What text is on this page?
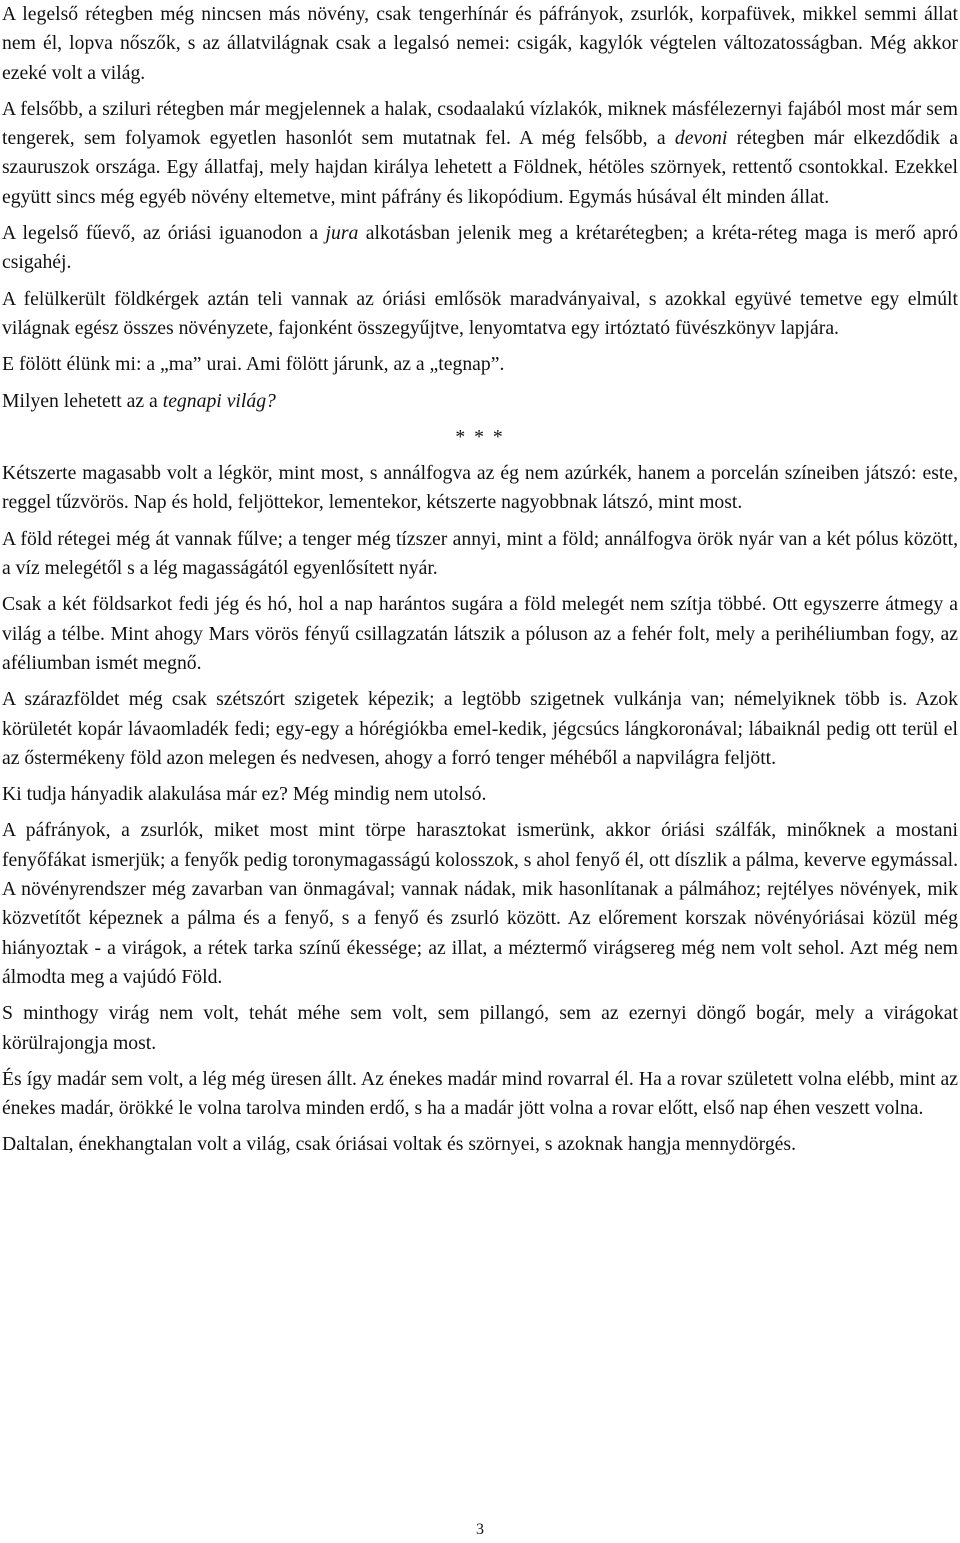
A legelső rétegben még nincsen más növény, csak tengerhínár és páfrányok, zsurlók, korpafüvek, mikkel semmi állat nem él, lopva nőszők, s az állatvilágnak csak a legalsó nemei: csigák, kagylók végtelen változatosságban. Még akkor ezeké volt a világ.

A felsőbb, a sziluri rétegben már megjelennek a halak, csodaalakú vízlakók, miknek másfélezernyi fajából most már sem tengerek, sem folyamok egyetlen hasonlót sem mutatnak fel. A még felsőbb, a devoni rétegben már elkezdődik a szauruszok országa. Egy állatfaj, mely hajdan királya lehetett a Földnek, hétöles szörnyek, rettentő csontokkal. Ezekkel együtt sincs még egyéb növény eltemetve, mint páfrány és likopódium. Egymás húsával élt minden állat.

A legelső fűevő, az óriási iguanodon a jura alkotásban jelenik meg a krétarétegben; a kréta-réteg maga is merő apró csigahéj.

A felülkerült földkérgek aztán teli vannak az óriási emlősök maradványaival, s azokkal együvé temetve egy elmúlt világnak egész összes növényzete, fajonként összegyűjtve, lenyomtatva egy irtóztató füvészkönyv lapjára.

E fölött élünk mi: a „ma” urai. Ami fölött járunk, az a „tegnap”.

Milyen lehetett az a tegnapi világ?

* * *

Kétszerte magasabb volt a légkör, mint most, s annálfogva az ég nem azúrkék, hanem a porcelán színeiben játszó: este, reggel tűzvörös. Nap és hold, feljöttekor, lementekor, kétszerte nagyobbnak látszó, mint most.

A föld rétegei még át vannak fűlve; a tenger még tízszer annyi, mint a föld; annálfogva örök nyár van a két pólus között, a víz melegétől s a lég magasságától egyenlősített nyár.

Csak a két földsarkot fedi jég és hó, hol a nap harántos sugára a föld melegét nem szítja többé. Ott egyszerre átmegy a világ a télbe. Mint ahogy Mars vörös fényű csillagzatán látszik a póluson az a fehér folt, mely a perihéliumban fogy, az aféliumban ismét megnő.

A szárazföldet még csak szétszórt szigetek képezik; a legtöbb szigetnek vulkánja van; némelyiknek több is. Azok körületét kopár lávaomladék fedi; egy-egy a hórégiókba emel-kedik, jégcsúcs lángkoronával; lábaiknál pedig ott terül el az őstermékeny föld azon melegen és nedvesen, ahogy a forró tenger méhéből a napvilágra feljött.

Ki tudja hányadik alakulása már ez? Még mindig nem utolsó.

A páfrányok, a zsurlók, miket most mint törpe harasztokat ismerünk, akkor óriási szálfák, minőknek a mostani fenyőfákat ismerjük; a fenyők pedig toronymagasságú kolosszok, s ahol fenyő él, ott díszlik a pálma, keverve egymással. A növényrendszer még zavarban van önmagával; vannak nádak, mik hasonlítanak a pálmához; rejtélyes növények, mik közvetítőt képeznek a pálma és a fenyő, s a fenyő és zsurló között. Az előrement korszak növényóriásai közül még hiányoztak - a virágok, a rétek tarka színű ékessége; az illat, a méztermő virágsereg még nem volt sehol. Azt még nem álmodta meg a vajúdó Föld.

S minthogy virág nem volt, tehát méhe sem volt, sem pillangó, sem az ezernyi döngő bogár, mely a virágokat körülrajongja most.

És így madár sem volt, a lég még üresen állt. Az énekes madár mind rovarral él. Ha a rovar született volna elébb, mint az énekes madár, örökké le volna tarolva minden erdő, s ha a madár jött volna a rovar előtt, első nap éhen veszett volna.

Daltalan, énekhangtalan volt a világ, csak óriásai voltak és szörnyei, s azoknak hangja mennydörgés.

3
